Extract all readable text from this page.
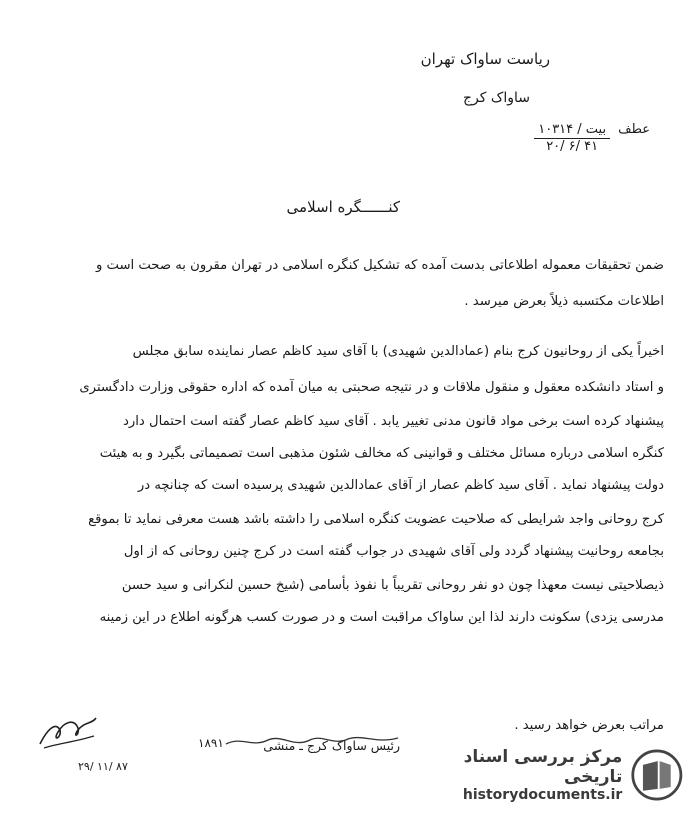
ریاست ساواک تهران
ساواک کرج
عطف
۱۰۳۱۴ / بیت
۲۰/ ۶/ ۴۱
کنــــــگره اسلامی
ضمن تحقیقات معموله اطلاعاتی بدست آمده که تشکیل کنگره اسلامی در تهران مقرون به صحت است و
اطلاعات مکتسبه ذیلاً بعرض میرسد .
اخیراً یکی از روحانیون کرج بنام (عمادالدین شهیدی) با آقای سید کاظم عصار نماینده سابق مجلس
و استاد دانشکده معقول و منقول ملاقات و در نتیجه صحبتی به میان آمده که اداره حقوقی وزارت دادگستری
پیشنهاد کرده است برخی مواد قانون مدنی تغییر یابد . آقای سید کاظم عصار گفته است احتمال دارد
کنگره اسلامی درباره مسائل مختلف و قوانینی که مخالف شئون مذهبی است تصمیماتی بگیرد و به هیئت
دولت پیشنهاد نماید . آقای سید کاظم عصار از آقای عمادالدین شهیدی پرسیده است که چنانچه در
کرج روحانی واجد شرایطی که صلاحیت عضویت کنگره اسلامی را داشته باشد هست معرفی نماید تا بموقع
بجامعه روحانیت پیشنهاد گردد ولی آقای شهیدی در جواب گفته است در کرج چنین روحانی که از اول
ذیصلاحیتی نیست معهذا چون دو نفر روحانی تقریباً با نفوذ بأسامی (شیخ حسین لنکرانی و سید حسن
مدرسی یزدی) سکونت دارند لذا این ساواک مراقبت است و در صورت کسب هرگونه اطلاع در این زمینه
مراتب بعرض خواهد رسید .
رئیس ساواک کرج ـ منشی
۱۸۹۱
۲۹/ ۱۱/ ۸۷	مرکز بررسی اسناد تاریخی
historydocuments.ir
